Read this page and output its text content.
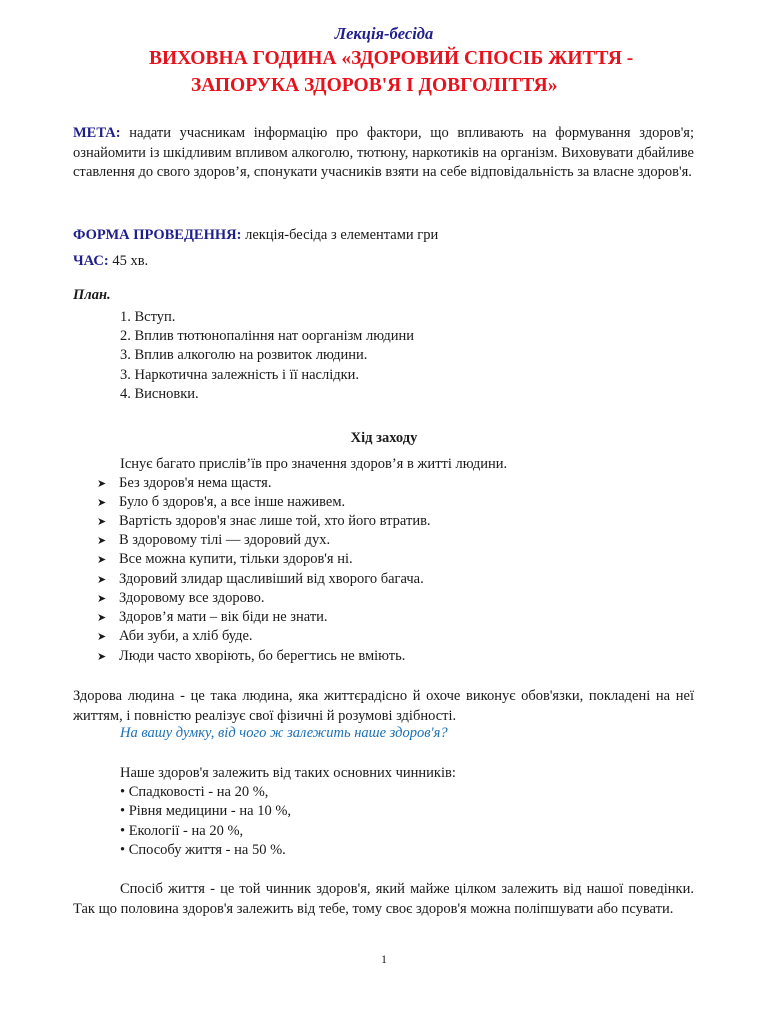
Лекція-бесіда
ВИХОВНА ГОДИНА «ЗДОРОВИЙ СПОСІБ ЖИТТЯ -
ЗАПОРУКА ЗДОРОВ'Я І ДОВГОЛІТТЯ»
МЕТА: надати учасникам інформацію про фактори, що впливають на формування здоров'я; ознайомити із шкідливим впливом алкоголю, тютюну, наркотиків на організм. Виховувати дбайливе ставлення до свого здоров’я, спонукати учасників взяти на себе відповідальність за власне здоров'я.
ФОРМА ПРОВЕДЕННЯ: лекція-бесіда з елементами гри
ЧАС: 45 хв.
План.
1. Вступ.
2. Вплив тютюнопаління нат оорганізм людини
3. Вплив алкоголю на розвиток людини.
3. Наркотична залежність і її наслідки.
4. Висновки.
Хід заходу
Існує багато прислів’їв про значення здоров’я в житті людини.
➤ Без здоров'я нема щастя.
➤ Було б здоров'я, а все інше наживем.
➤ Вартість здоров'я знає лише той, хто його втратив.
➤ В здоровому тілі — здоровий дух.
➤ Все можна купити, тільки здоров'я ні.
➤ Здоровий злидар щасливіший від хворого багача.
➤ Здоровому все здорово.
➤ Здоров’я мати – вік біди не знати.
➤ Аби зуби, а хліб буде.
➤ Люди часто хворіють, бо берегтись не вміють.
Здорова людина - це така людина, яка життєрадісно й охоче виконує обов'язки, покладені на неї життям, і повністю реалізує свої фізичні й розумові здібності.
На вашу думку, від чого ж залежить наше здоров'я?
Наше здоров'я залежить від таких основних чинників:
• Спадковості - на 20 %,
• Рівня медицини - на 10 %,
• Екології - на 20 %,
• Способу життя - на 50 %.
Спосіб життя - це той чинник здоров'я, який майже цілком залежить від нашої поведінки. Так що половина здоров'я залежить від тебе, тому своє здоров'я можна поліпшувати або псувати.
1
